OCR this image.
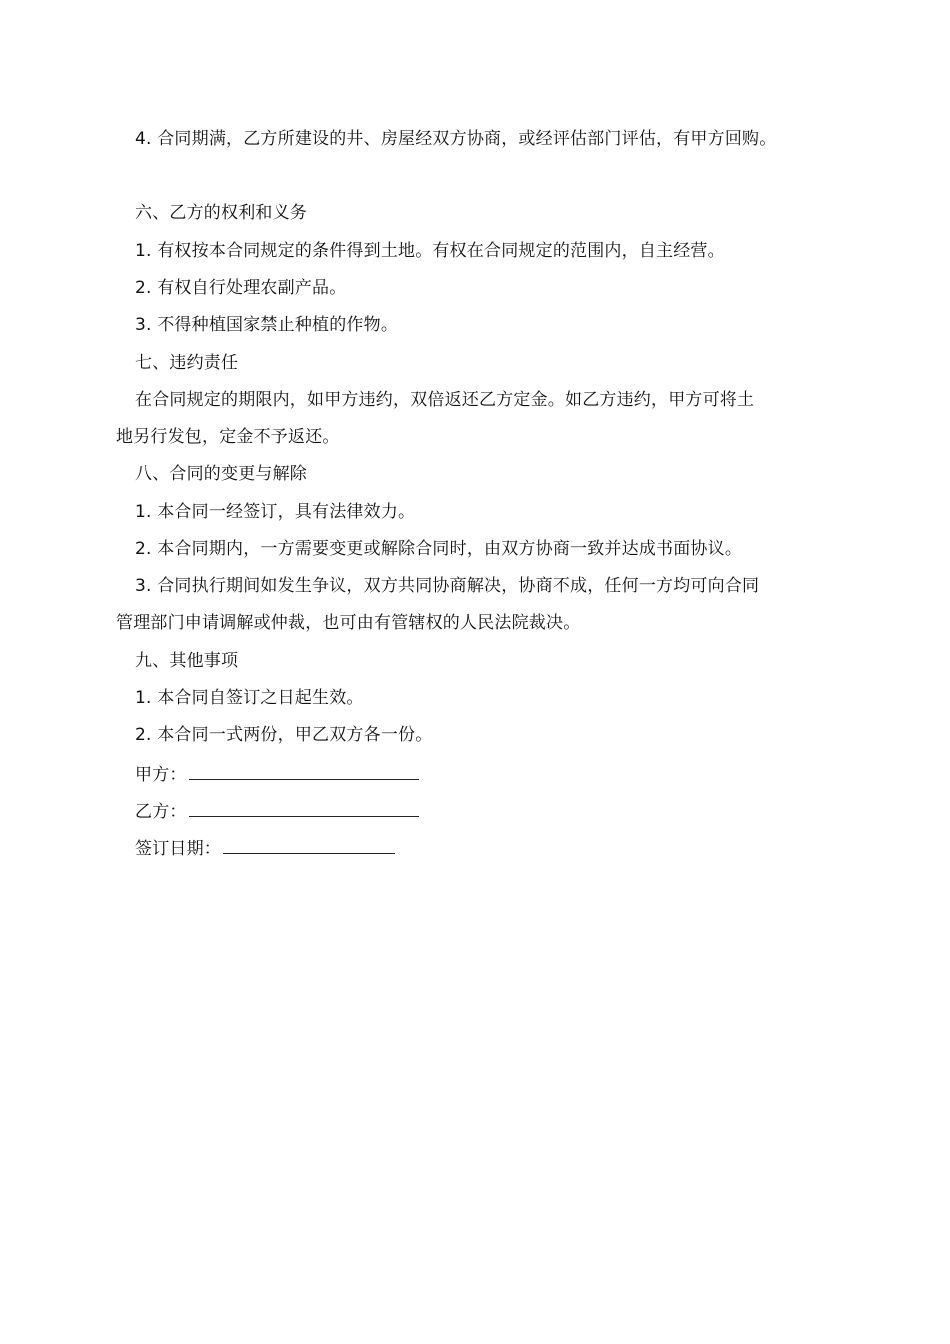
4. 合同期满，乙方所建设的井、房屋经双方协商，或经评估部门评估，有甲方回购。
六、乙方的权利和义务
1. 有权按本合同规定的条件得到土地。有权在合同规定的范围内，自主经营。
2. 有权自行处理农副产品。
3. 不得种植国家禁止种植的作物。
七、违约责任
在合同规定的期限内，如甲方违约，双倍返还乙方定金。如乙方违约，甲方可将土
地另行发包，定金不予返还。
八、合同的变更与解除
1. 本合同一经签订，具有法律效力。
2. 本合同期内，一方需要变更或解除合同时，由双方协商一致并达成书面协议。
3. 合同执行期间如发生争议，双方共同协商解决，协商不成，任何一方均可向合同
管理部门申请调解或仲裁，也可由有管辖权的人民法院裁决。
九、其他事项
1. 本合同自签订之日起生效。
2. 本合同一式两份，甲乙双方各一份。
甲方：
乙方：
签订日期：
